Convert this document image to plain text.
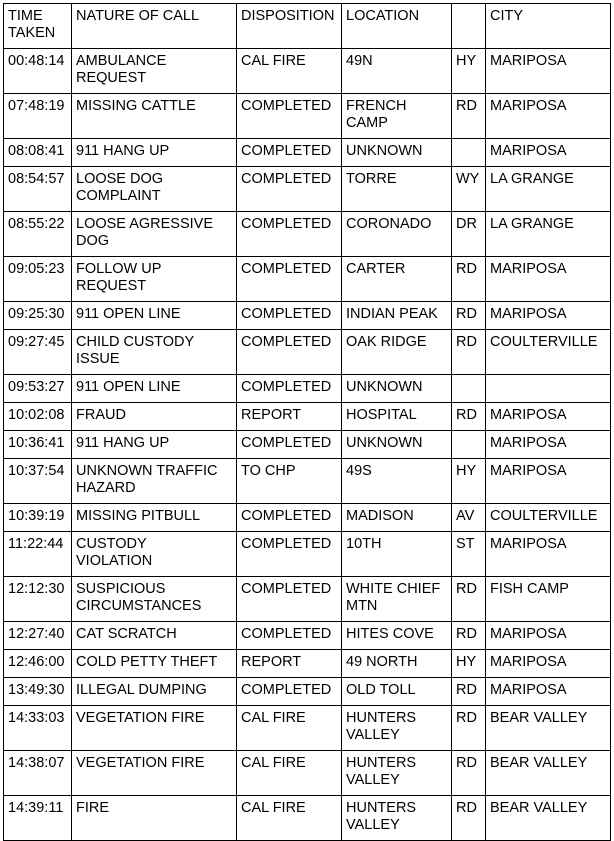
TIME
TAKEN	NATURE OF CALL	DISPOSITION	LOCATION		CITY
00:48:14	AMBULANCE
REQUEST	CAL FIRE	49N	HY	MARIPOSA
07:48:19	MISSING CATTLE	COMPLETED	FRENCH
CAMP	RD	MARIPOSA
08:08:41	911 HANG UP	COMPLETED	UNKNOWN		MARIPOSA
08:54:57	LOOSE DOG
COMPLAINT	COMPLETED	TORRE	WY	LA GRANGE
08:55:22	LOOSE AGRESSIVE
DOG	COMPLETED	CORONADO	DR	LA GRANGE
09:05:23	FOLLOW UP
REQUEST	COMPLETED	CARTER	RD	MARIPOSA
09:25:30	911 OPEN LINE	COMPLETED	INDIAN PEAK	RD	MARIPOSA
09:27:45	CHILD CUSTODY
ISSUE	COMPLETED	OAK RIDGE	RD	COULTERVILLE
09:53:27	911 OPEN LINE	COMPLETED	UNKNOWN		
10:02:08	FRAUD	REPORT	HOSPITAL	RD	MARIPOSA
10:36:41	911 HANG UP	COMPLETED	UNKNOWN		MARIPOSA
10:37:54	UNKNOWN TRAFFIC
HAZARD	TO CHP	49S	HY	MARIPOSA
10:39:19	MISSING PITBULL	COMPLETED	MADISON	AV	COULTERVILLE
11:22:44	CUSTODY
VIOLATION	COMPLETED	10TH	ST	MARIPOSA
12:12:30	SUSPICIOUS
CIRCUMSTANCES	COMPLETED	WHITE CHIEF
MTN	RD	FISH CAMP
12:27:40	CAT SCRATCH	COMPLETED	HITES COVE	RD	MARIPOSA
12:46:00	COLD PETTY THEFT	REPORT	49 NORTH	HY	MARIPOSA
13:49:30	ILLEGAL DUMPING	COMPLETED	OLD TOLL	RD	MARIPOSA
14:33:03	VEGETATION FIRE	CAL FIRE	HUNTERS
VALLEY	RD	BEAR VALLEY
14:38:07	VEGETATION FIRE	CAL FIRE	HUNTERS
VALLEY	RD	BEAR VALLEY
14:39:11	FIRE	CAL FIRE	HUNTERS
VALLEY	RD	BEAR VALLEY
